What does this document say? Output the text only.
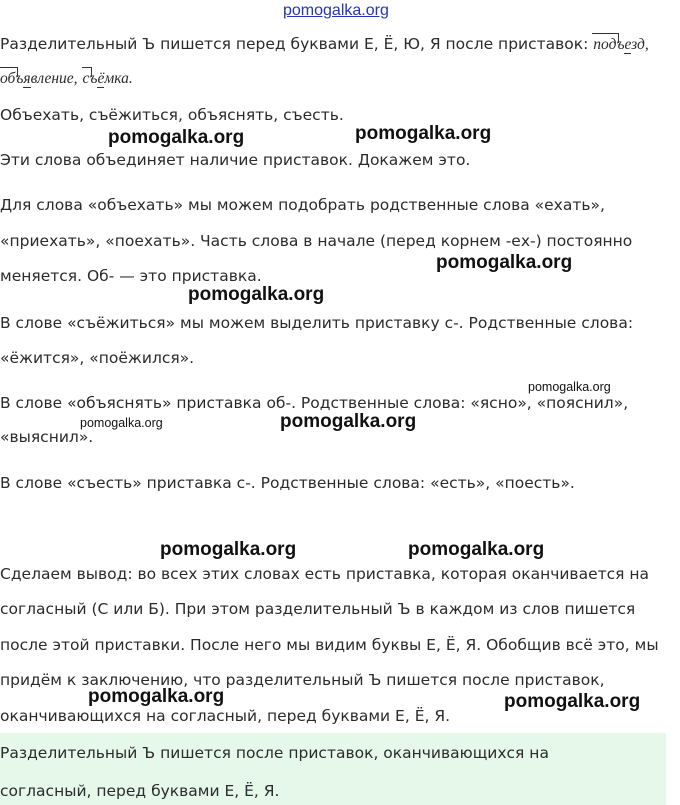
pomogalka.org

Разделительный Ъ пишется перед буквами Е, Ё, Ю, Я после приставок: подъезд,

объявление, съёмка.

Объехать, съёжиться, объяснять, съесть.

Эти слова объединяет наличие приставок. Докажем это.

Для слова «объехать» мы можем подобрать родственные слова «ехать»,

«приехать», «поехать». Часть слова в начале (перед корнем -ех-) постоянно

меняется. Об- — это приставка.

В слове «съёжиться» мы можем выделить приставку с-. Родственные слова:

«ёжится», «поёжился».

В слове «объяснять» приставка об-. Родственные слова: «ясно», «пояснил»,

«выяснил».

В слове «съесть» приставка с-. Родственные слова: «есть», «поесть».

Сделаем вывод: во всех этих словах есть приставка, которая оканчивается на

согласный (С или Б). При этом разделительный Ъ в каждом из слов пишется

после этой приставки. После него мы видим буквы Е, Ё, Я. Обобщив всё это, мы

придём к заключению, что разделительный Ъ пишется после приставок,

оканчивающихся на согласный, перед буквами Е, Ё, Я.

Разделительный Ъ пишется после приставок, оканчивающихся на

согласный, перед буквами Е, Ё, Я.

pomogalka.org	pomogalka.org
pomogalka.org
pomogalka.org
pomogalka.org
pomogalka.org	pomogalka.org
pomogalka.org	pomogalka.org
pomogalka.org	pomogalka.org
